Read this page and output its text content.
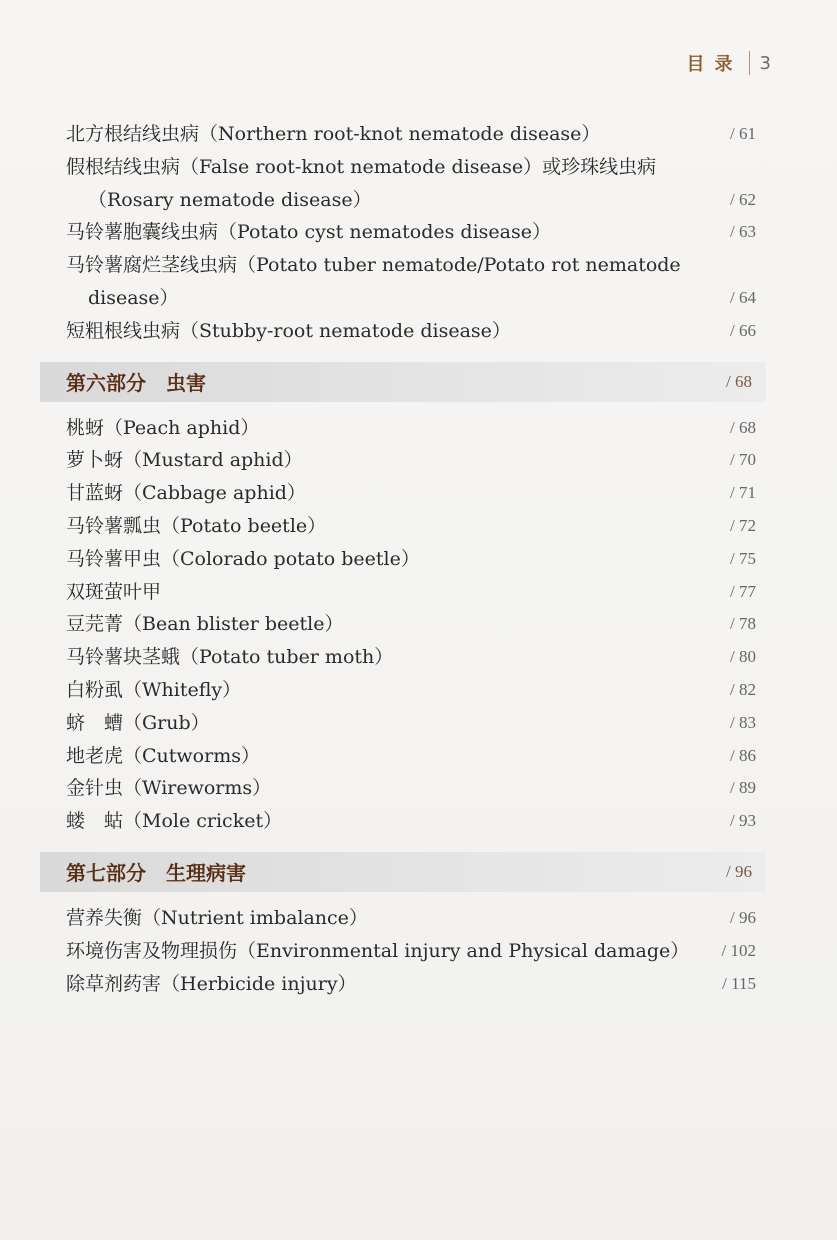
目录 3
北方根结线虫病（Northern root-knot nematode disease）	/ 61
假根结线虫病（False root-knot nematode disease）或珍珠线虫病
（Rosary nematode disease）	/ 62
马铃薯胞囊线虫病（Potato cyst nematodes disease）	/ 63
马铃薯腐烂茎线虫病（Potato tuber nematode/Potato rot nematode
disease）	/ 64
短粗根线虫病（Stubby-root nematode disease）	/ 66
第六部分　虫害	/ 68
桃蚜（Peach aphid）	/ 68
萝卜蚜（Mustard aphid）	/ 70
甘蓝蚜（Cabbage aphid）	/ 71
马铃薯瓢虫（Potato beetle）	/ 72
马铃薯甲虫（Colorado potato beetle）	/ 75
双斑萤叶甲	/ 77
豆芫菁（Bean blister beetle）	/ 78
马铃薯块茎蛾（Potato tuber moth）	/ 80
白粉虱（Whitefly）	/ 82
蛴　螬（Grub）	/ 83
地老虎（Cutworms）	/ 86
金针虫（Wireworms）	/ 89
蝼　蛄（Mole cricket）	/ 93
第七部分　生理病害	/ 96
营养失衡（Nutrient imbalance）	/ 96
环境伤害及物理损伤（Environmental injury and Physical damage） / 102
除草剂药害（Herbicide injury）	/ 115
